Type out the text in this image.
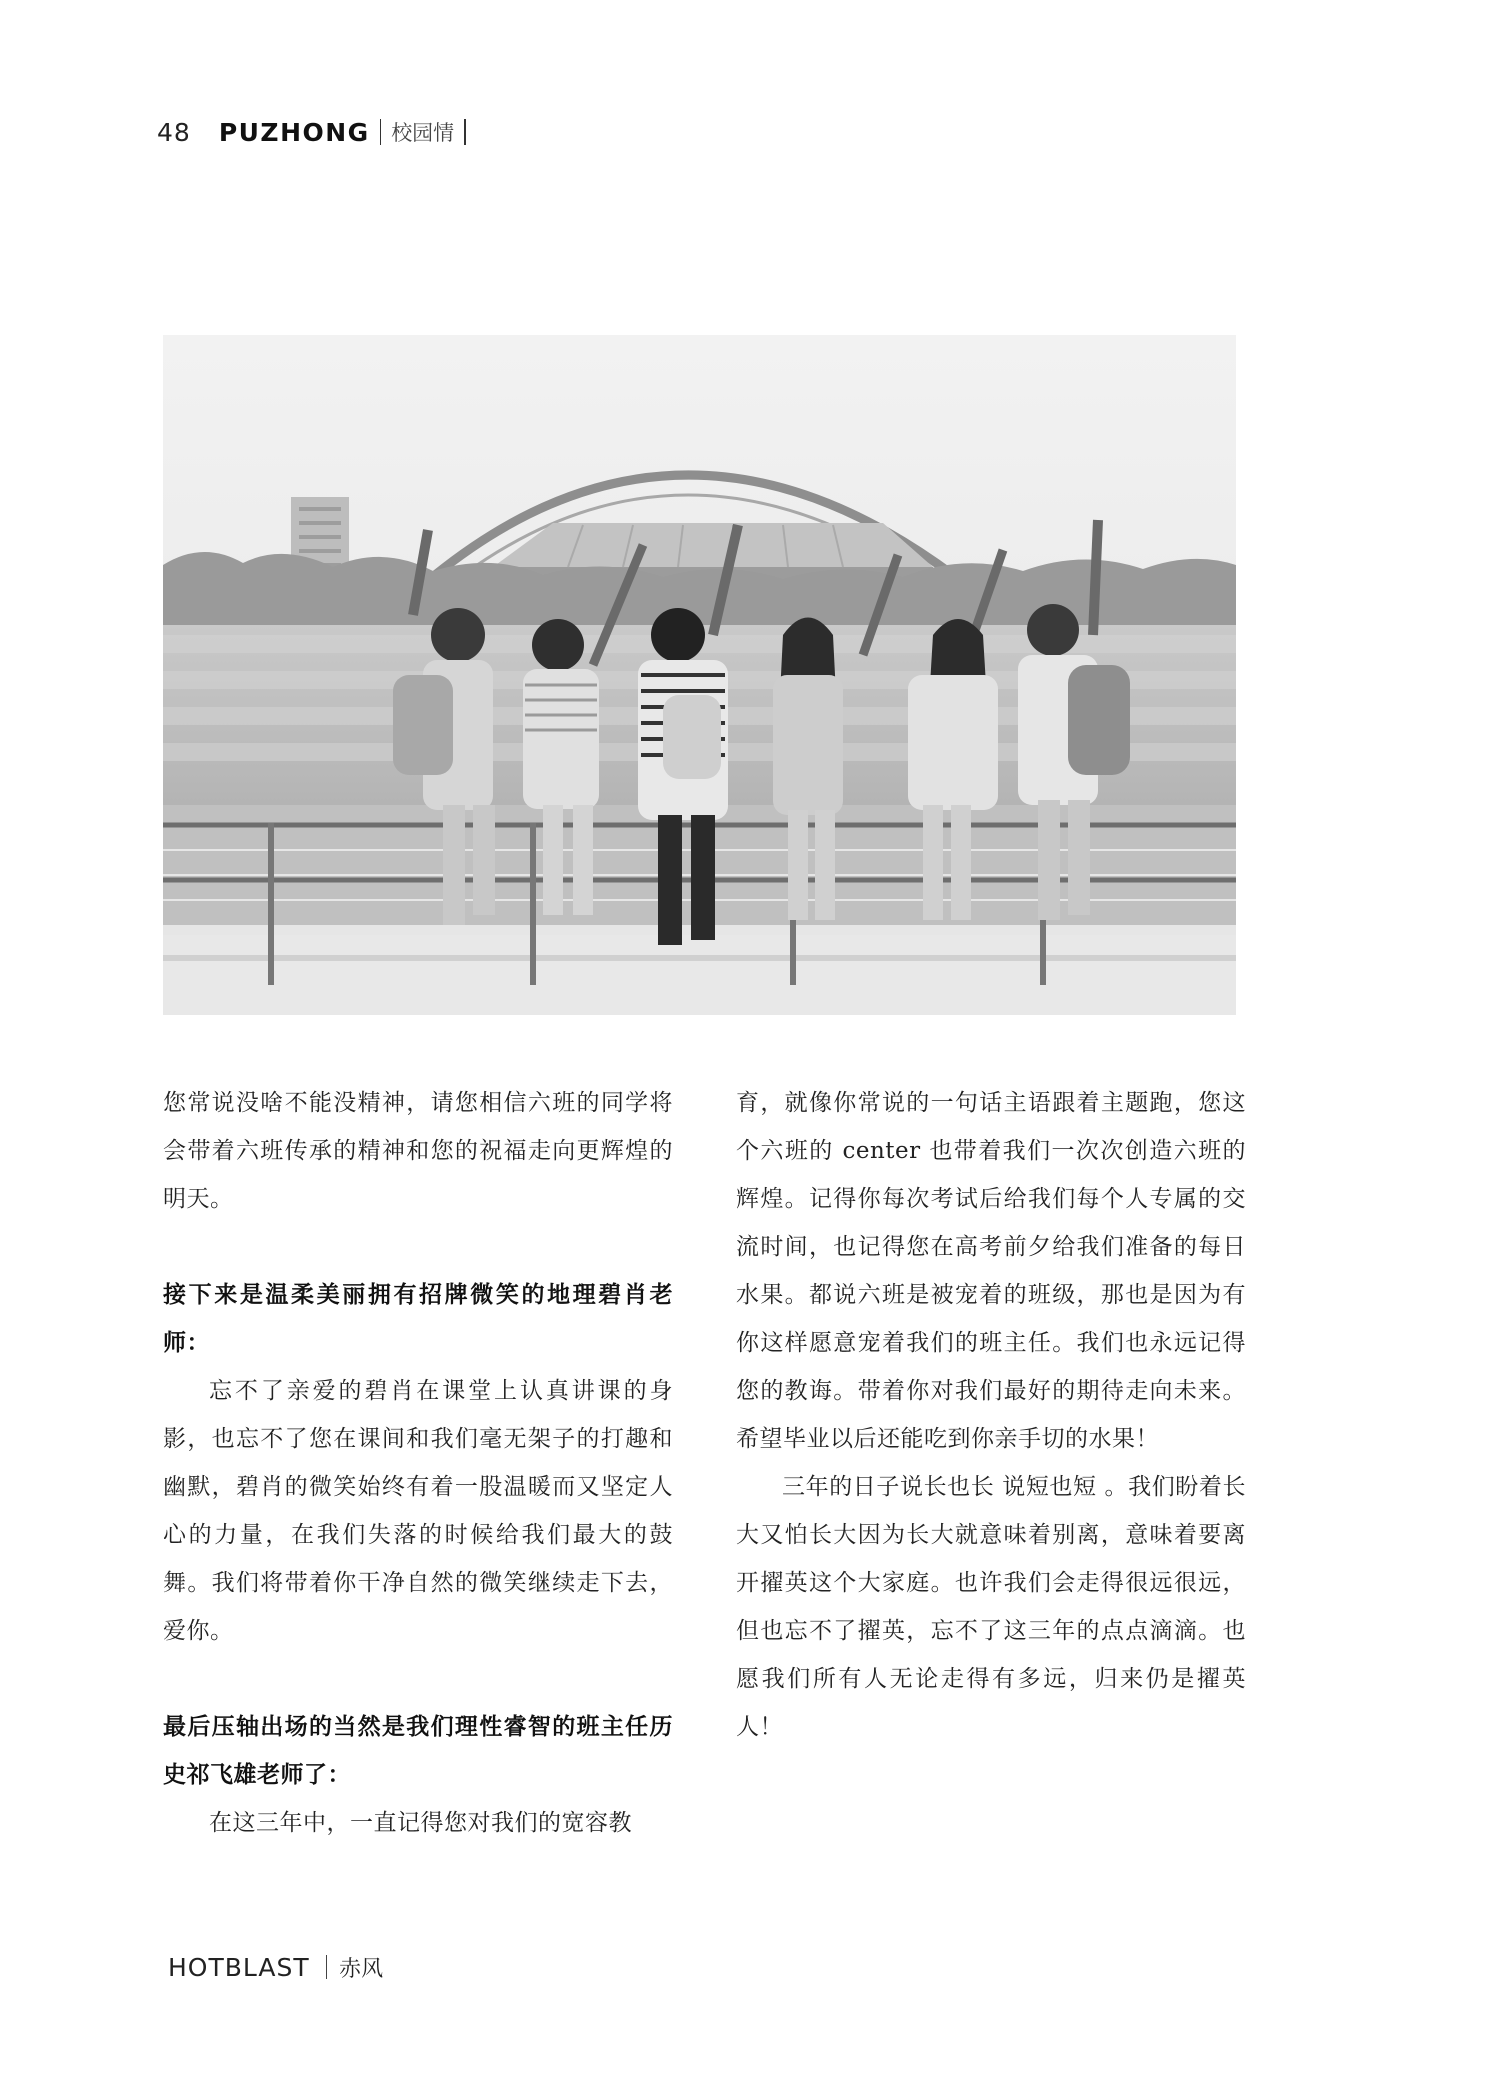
48 PUZHONG 校园情

您常说没啥不能没精神，请您相信六班的同学将会带着六班传承的精神和您的祝福走向更辉煌的明天。

接下来是温柔美丽拥有招牌微笑的地理碧肖老师：

忘不了亲爱的碧肖在课堂上认真讲课的身影，也忘不了您在课间和我们毫无架子的打趣和幽默，碧肖的微笑始终有着一股温暖而又坚定人心的力量，在我们失落的时候给我们最大的鼓舞。我们将带着你干净自然的微笑继续走下去，爱你。

最后压轴出场的当然是我们理性睿智的班主任历史祁飞雄老师了：

在这三年中，一直记得您对我们的宽容教

育，就像你常说的一句话主语跟着主题跑，您这个六班的 center 也带着我们一次次创造六班的辉煌。记得你每次考试后给我们每个人专属的交流时间，也记得您在高考前夕给我们准备的每日水果。都说六班是被宠着的班级，那也是因为有你这样愿意宠着我们的班主任。我们也永远记得您的教诲。带着你对我们最好的期待走向未来。希望毕业以后还能吃到你亲手切的水果！

三年的日子说长也长 说短也短 。我们盼着长大又怕长大因为长大就意味着别离，意味着要离开擢英这个大家庭。也许我们会走得很远很远，但也忘不了擢英，忘不了这三年的点点滴滴。也愿我们所有人无论走得有多远，归来仍是擢英人！

HOTBLAST 赤风
